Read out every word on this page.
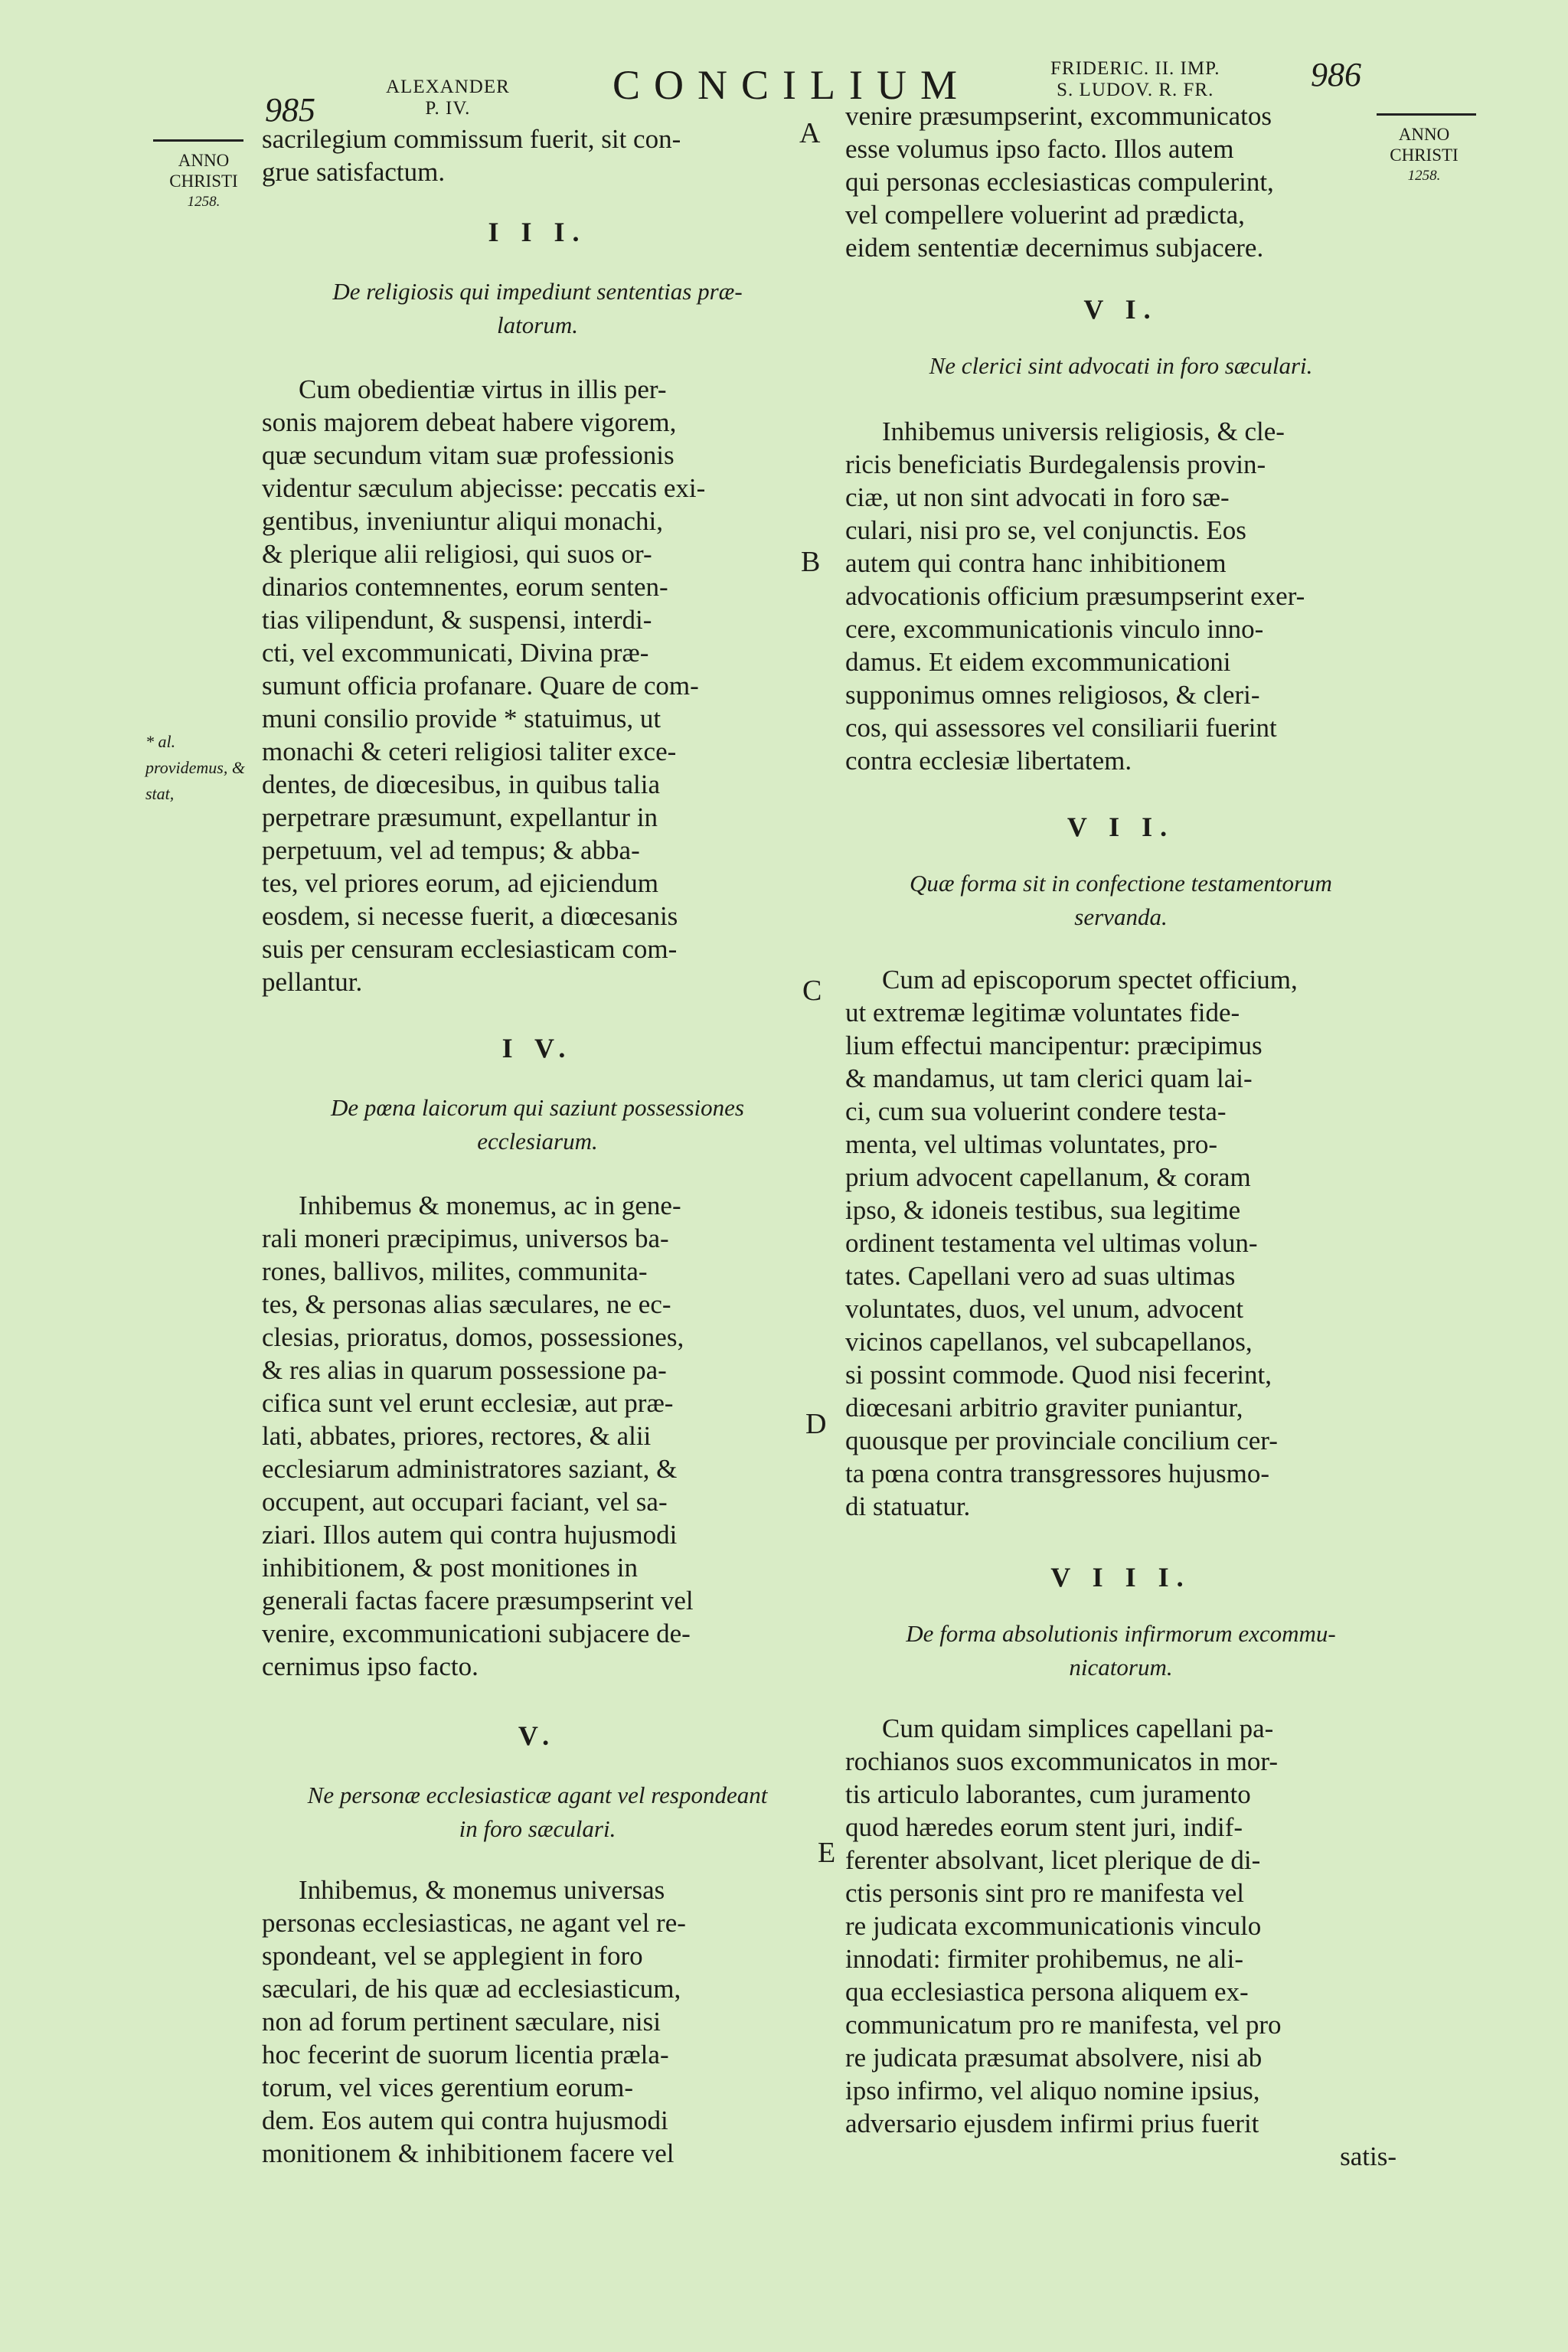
985
ALEXANDER
P. IV.
CONCILIUM	FRIDERIC. II. IMP.
S. LUDOV. R. FR.	986
ANNO
CHRISTI
1258.
ANNO
CHRISTI
1258.
* al. providemus, & stat,
A
B
C
D
E

sacrilegium commissum fuerit, sit con-

grue satisfactum.

I I I.

De religiosis qui impediunt sententias præ-

latorum.

Cum obedientiæ virtus in illis per-

sonis majorem debeat habere vigorem,

quæ secundum vitam suæ professionis

videntur sæculum abjecisse: peccatis exi-

gentibus, inveniuntur aliqui monachi,

& plerique alii religiosi, qui suos or-

dinarios contemnentes, eorum senten-

tias vilipendunt, & suspensi, interdi-

cti, vel excommunicati, Divina præ-

sumunt officia profanare. Quare de com-

muni consilio provide * statuimus, ut

monachi & ceteri religiosi taliter exce-

dentes, de diœcesibus, in quibus talia

perpetrare præsumunt, expellantur in

perpetuum, vel ad tempus; & abba-

tes, vel priores eorum, ad ejiciendum

eosdem, si necesse fuerit, a diœcesanis

suis per censuram ecclesiasticam com-

pellantur.

I V.

De pœna laicorum qui saziunt possessiones

ecclesiarum.

Inhibemus & monemus, ac in gene-

rali moneri præcipimus, universos ba-

rones, ballivos, milites, communita-

tes, & personas alias sæculares, ne ec-

clesias, prioratus, domos, possessiones,

& res alias in quarum possessione pa-

cifica sunt vel erunt ecclesiæ, aut præ-

lati, abbates, priores, rectores, & alii

ecclesiarum administratores saziant, &

occupent, aut occupari faciant, vel sa-

ziari. Illos autem qui contra hujusmodi

inhibitionem, & post monitiones in

generali factas facere præsumpserint vel

venire, excommunicationi subjacere de-

cernimus ipso facto.

V.

Ne personæ ecclesiasticæ agant vel respondeant

in foro sæculari.

Inhibemus, & monemus universas

personas ecclesiasticas, ne agant vel re-

spondeant, vel se applegient in foro

sæculari, de his quæ ad ecclesiasticum,

non ad forum pertinent sæculare, nisi

hoc fecerint de suorum licentia præla-

torum, vel vices gerentium eorum-

dem. Eos autem qui contra hujusmodi

monitionem & inhibitionem facere vel

venire præsumpserint, excommunicatos

esse volumus ipso facto. Illos autem

qui personas ecclesiasticas compulerint,

vel compellere voluerint ad prædicta,

eidem sententiæ decernimus subjacere.

V I.

Ne clerici sint advocati in foro sæculari.

Inhibemus universis religiosis, & cle-

ricis beneficiatis Burdegalensis provin-

ciæ, ut non sint advocati in foro sæ-

culari, nisi pro se, vel conjunctis. Eos

autem qui contra hanc inhibitionem

advocationis officium præsumpserint exer-

cere, excommunicationis vinculo inno-

damus. Et eidem excommunicationi

supponimus omnes religiosos, & cleri-

cos, qui assessores vel consiliarii fuerint

contra ecclesiæ libertatem.

V I I.

Quæ forma sit in confectione testamentorum

servanda.

Cum ad episcoporum spectet officium,

ut extremæ legitimæ voluntates fide-

lium effectui mancipentur: præcipimus

& mandamus, ut tam clerici quam lai-

ci, cum sua voluerint condere testa-

menta, vel ultimas voluntates, pro-

prium advocent capellanum, & coram

ipso, & idoneis testibus, sua legitime

ordinent testamenta vel ultimas volun-

tates. Capellani vero ad suas ultimas

voluntates, duos, vel unum, advocent

vicinos capellanos, vel subcapellanos,

si possint commode. Quod nisi fecerint,

diœcesani arbitrio graviter puniantur,

quousque per provinciale concilium cer-

ta pœna contra transgressores hujusmo-

di statuatur.

V I I I.

De forma absolutionis infirmorum excommu-

nicatorum.

Cum quidam simplices capellani pa-

rochianos suos excommunicatos in mor-

tis articulo laborantes, cum juramento

quod hæredes eorum stent juri, indif-

ferenter absolvant, licet plerique de di-

ctis personis sint pro re manifesta vel

re judicata excommunicationis vinculo

innodati: firmiter prohibemus, ne ali-

qua ecclesiastica persona aliquem ex-

communicatum pro re manifesta, vel pro

re judicata præsumat absolvere, nisi ab

ipso infirmo, vel aliquo nomine ipsius,

adversario ejusdem infirmi prius fuerit

satis-
